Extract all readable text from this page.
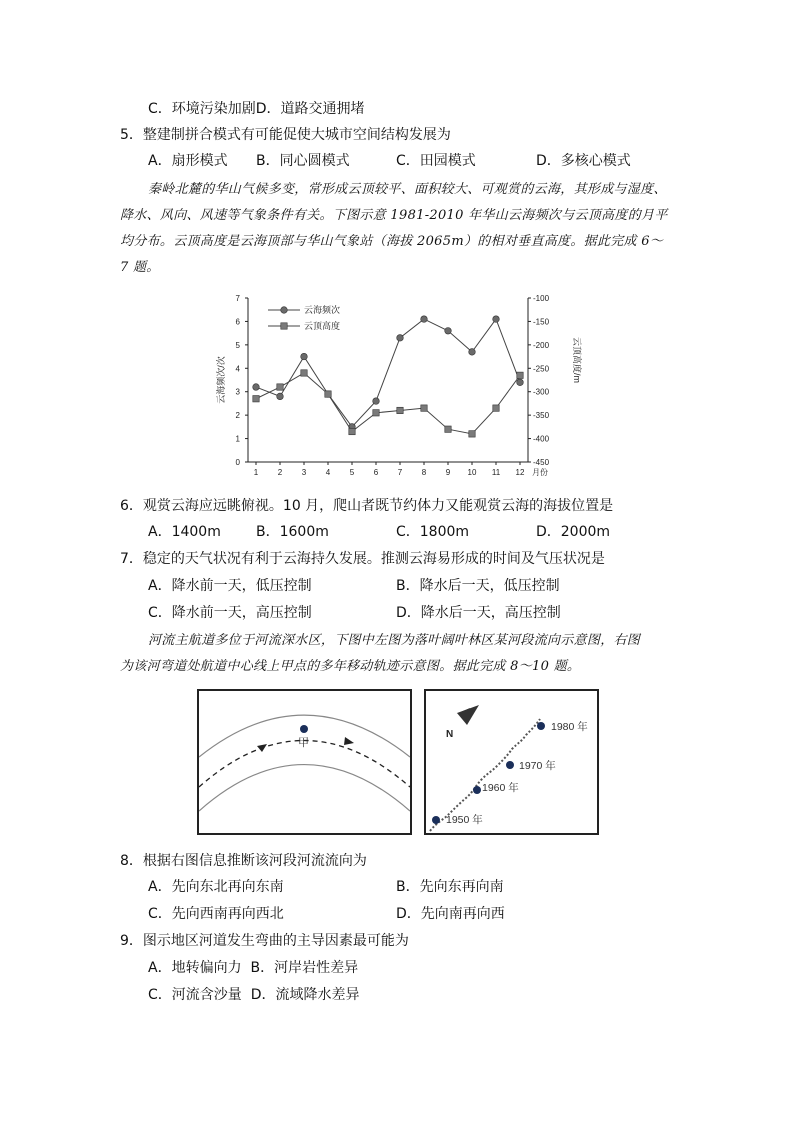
C．环境污染加剧D．道路交通拥堵
5．整建制拼合模式有可能促使大城市空间结构发展为
A．扇形模式 B．同心圆模式	C．田园模式	D．多核心模式
秦岭北麓的华山气候多变，常形成云顶较平、面积较大、可观赏的云海，其形成与湿度、
降水、风向、风速等气象条件有关。下图示意 1981-2010 年华山云海频次与云顶高度的月平
均分布。云顶高度是云海顶部与华山气象站（海拔 2065m）的相对垂直高度。据此完成 6～
7 题。
0
1
2
3
4
5
6
7	-100
-150
-200
-250
-300
-350
-400
-450
1 2 3 4 5 6 7 8 9 10 11 12 月份
云海频次/次	云顶高度/m
云海频次
云顶高度
6．观赏云海应远眺俯视。10 月，爬山者既节约体力又能观赏云海的海拔位置是
A．1400m	B．1600m	C．1800m	D．2000m
7．稳定的天气状况有利于云海持久发展。推测云海易形成的时间及气压状况是
A．降水前一天，低压控制	B．降水后一天，低压控制
C．降水前一天，高压控制	D．降水后一天，高压控制
河流主航道多位于河流深水区，下图中左图为落叶阔叶林区某河段流向示意图，右图
为该河弯道处航道中心线上甲点的多年移动轨迹示意图。据此完成 8～10 题。
甲
N
1950 年
1960 年
1970 年
1980 年
8．根据右图信息推断该河段河流流向为
A．先向东北再向东南	B．先向东再向南
C．先向西南再向西北	D．先向南再向西
9．图示地区河道发生弯曲的主导因素最可能为
A．地转偏向力 B．河岸岩性差异
C．河流含沙量 D．流域降水差异
